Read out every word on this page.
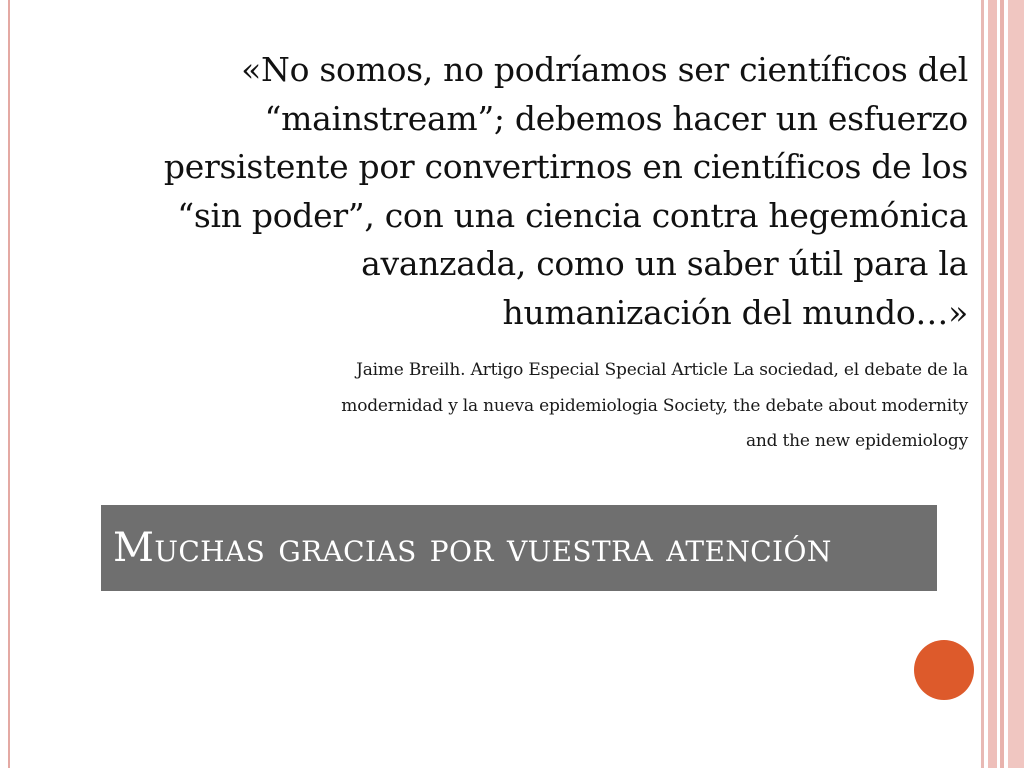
«No somos, no podríamos ser científicos del
“mainstream”; debemos hacer un esfuerzo
persistente por convertirnos en científicos de los
“sin poder”, con una ciencia contra hegemónica
avanzada, como un saber útil para la
humanización del mundo…»
Jaime Breilh. Artigo Especial Special Article La sociedad, el debate de la
modernidad y la nueva epidemiologia Society, the debate about modernity
and the new epidemiology
Muchas gracias por vuestra atención
